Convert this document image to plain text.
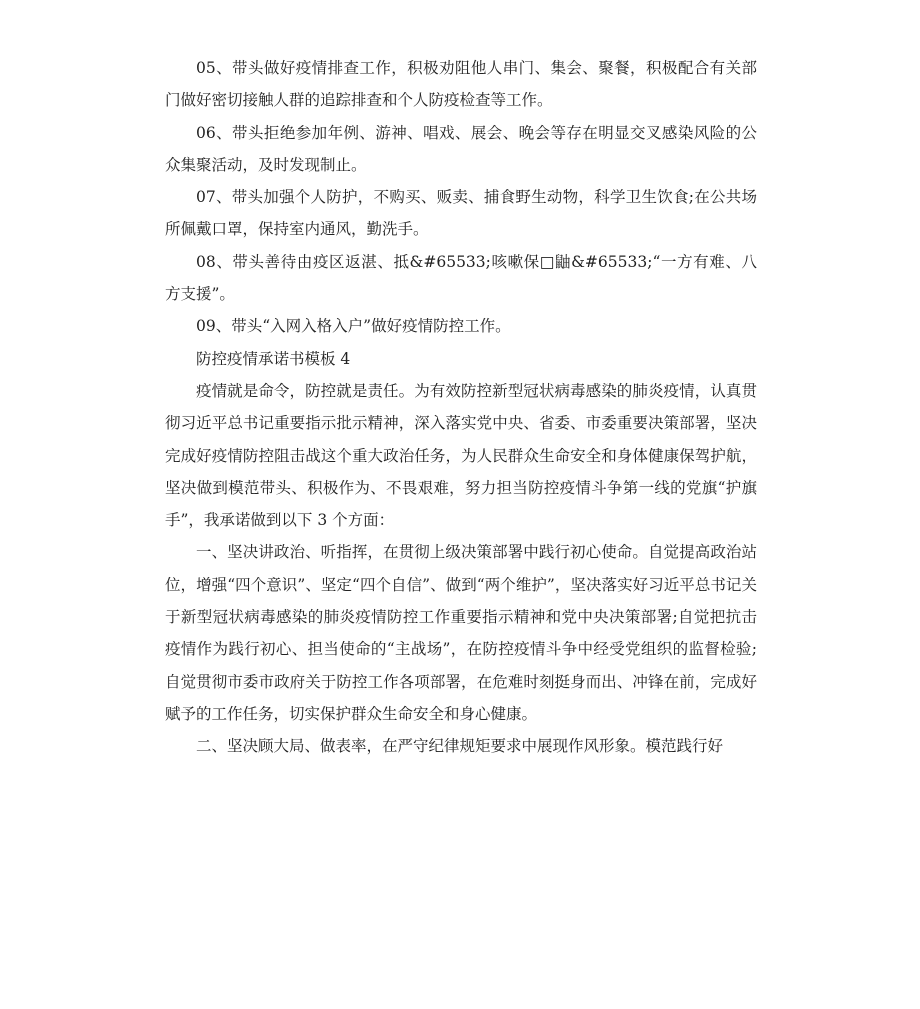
05、带头做好疫情排查工作，积极劝阻他人串门、集会、聚餐，积极配合有关部门做好密切接触人群的追踪排查和个人防疫检查等工作。

06、带头拒绝参加年例、游神、唱戏、展会、晚会等存在明显交叉感染风险的公众集聚活动，及时发现制止。

07、带头加强个人防护，不购买、贩卖、捕食野生动物，科学卫生饮食;在公共场所佩戴口罩，保持室内通风，勤洗手。

08、带头善待由疫区返湛、抵&#65533;咳嗽保□鼬&#65533;“一方有难、八方支援”。

09、带头“入网入格入户”做好疫情防控工作。

防控疫情承诺书模板 4

疫情就是命令，防控就是责任。为有效防控新型冠状病毒感染的肺炎疫情，认真贯彻习近平总书记重要指示批示精神，深入落实党中央、省委、市委重要决策部署，坚决完成好疫情防控阻击战这个重大政治任务，为人民群众生命安全和身体健康保驾护航，坚决做到模范带头、积极作为、不畏艰难，努力担当防控疫情斗争第一线的党旗“护旗手”，我承诺做到以下 3 个方面：

一、坚决讲政治、听指挥，在贯彻上级决策部署中践行初心使命。自觉提高政治站位，增强“四个意识”、坚定“四个自信”、做到“两个维护”，坚决落实好习近平总书记关于新型冠状病毒感染的肺炎疫情防控工作重要指示精神和党中央决策部署;自觉把抗击疫情作为践行初心、担当使命的“主战场”，在防控疫情斗争中经受党组织的监督检验;自觉贯彻市委市政府关于防控工作各项部署，在危难时刻挺身而出、冲锋在前，完成好赋予的工作任务，切实保护群众生命安全和身心健康。

二、坚决顾大局、做表率，在严守纪律规矩要求中展现作风形象。模范践行好
